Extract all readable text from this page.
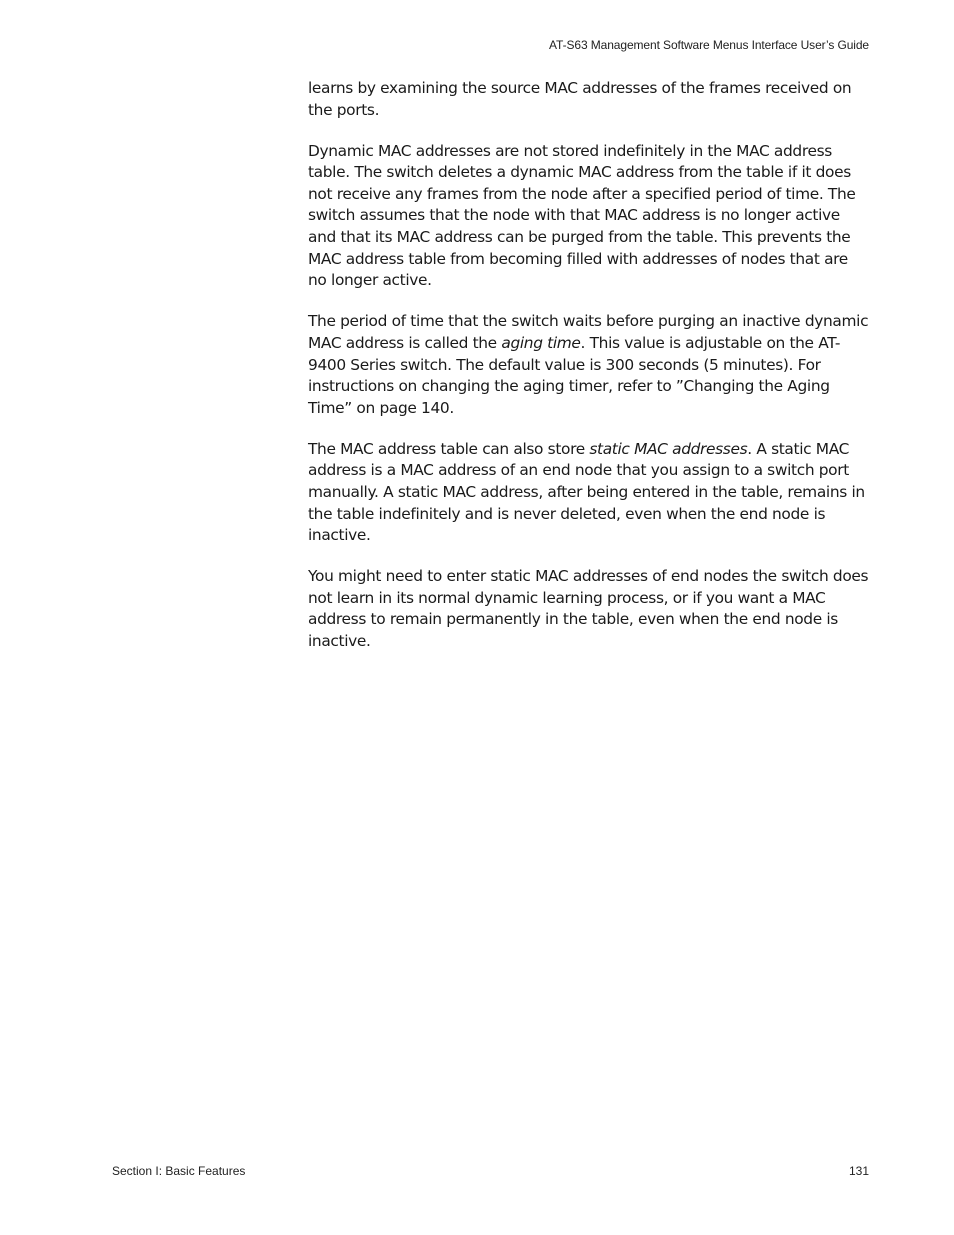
AT-S63 Management Software Menus Interface User’s Guide

learns by examining the source MAC addresses of the frames received on the ports.

Dynamic MAC addresses are not stored indefinitely in the MAC address table. The switch deletes a dynamic MAC address from the table if it does not receive any frames from the node after a specified period of time. The switch assumes that the node with that MAC address is no longer active and that its MAC address can be purged from the table. This prevents the MAC address table from becoming filled with addresses of nodes that are no longer active.

The period of time that the switch waits before purging an inactive dynamic MAC address is called the aging time. This value is adjustable on the AT-9400 Series switch. The default value is 300 seconds (5 minutes). For instructions on changing the aging timer, refer to ”Changing the Aging Time” on page 140.

The MAC address table can also store static MAC addresses. A static MAC address is a MAC address of an end node that you assign to a switch port manually. A static MAC address, after being entered in the table, remains in the table indefinitely and is never deleted, even when the end node is inactive.

You might need to enter static MAC addresses of end nodes the switch does not learn in its normal dynamic learning process, or if you want a MAC address to remain permanently in the table, even when the end node is inactive.

Section I: Basic Features	131
